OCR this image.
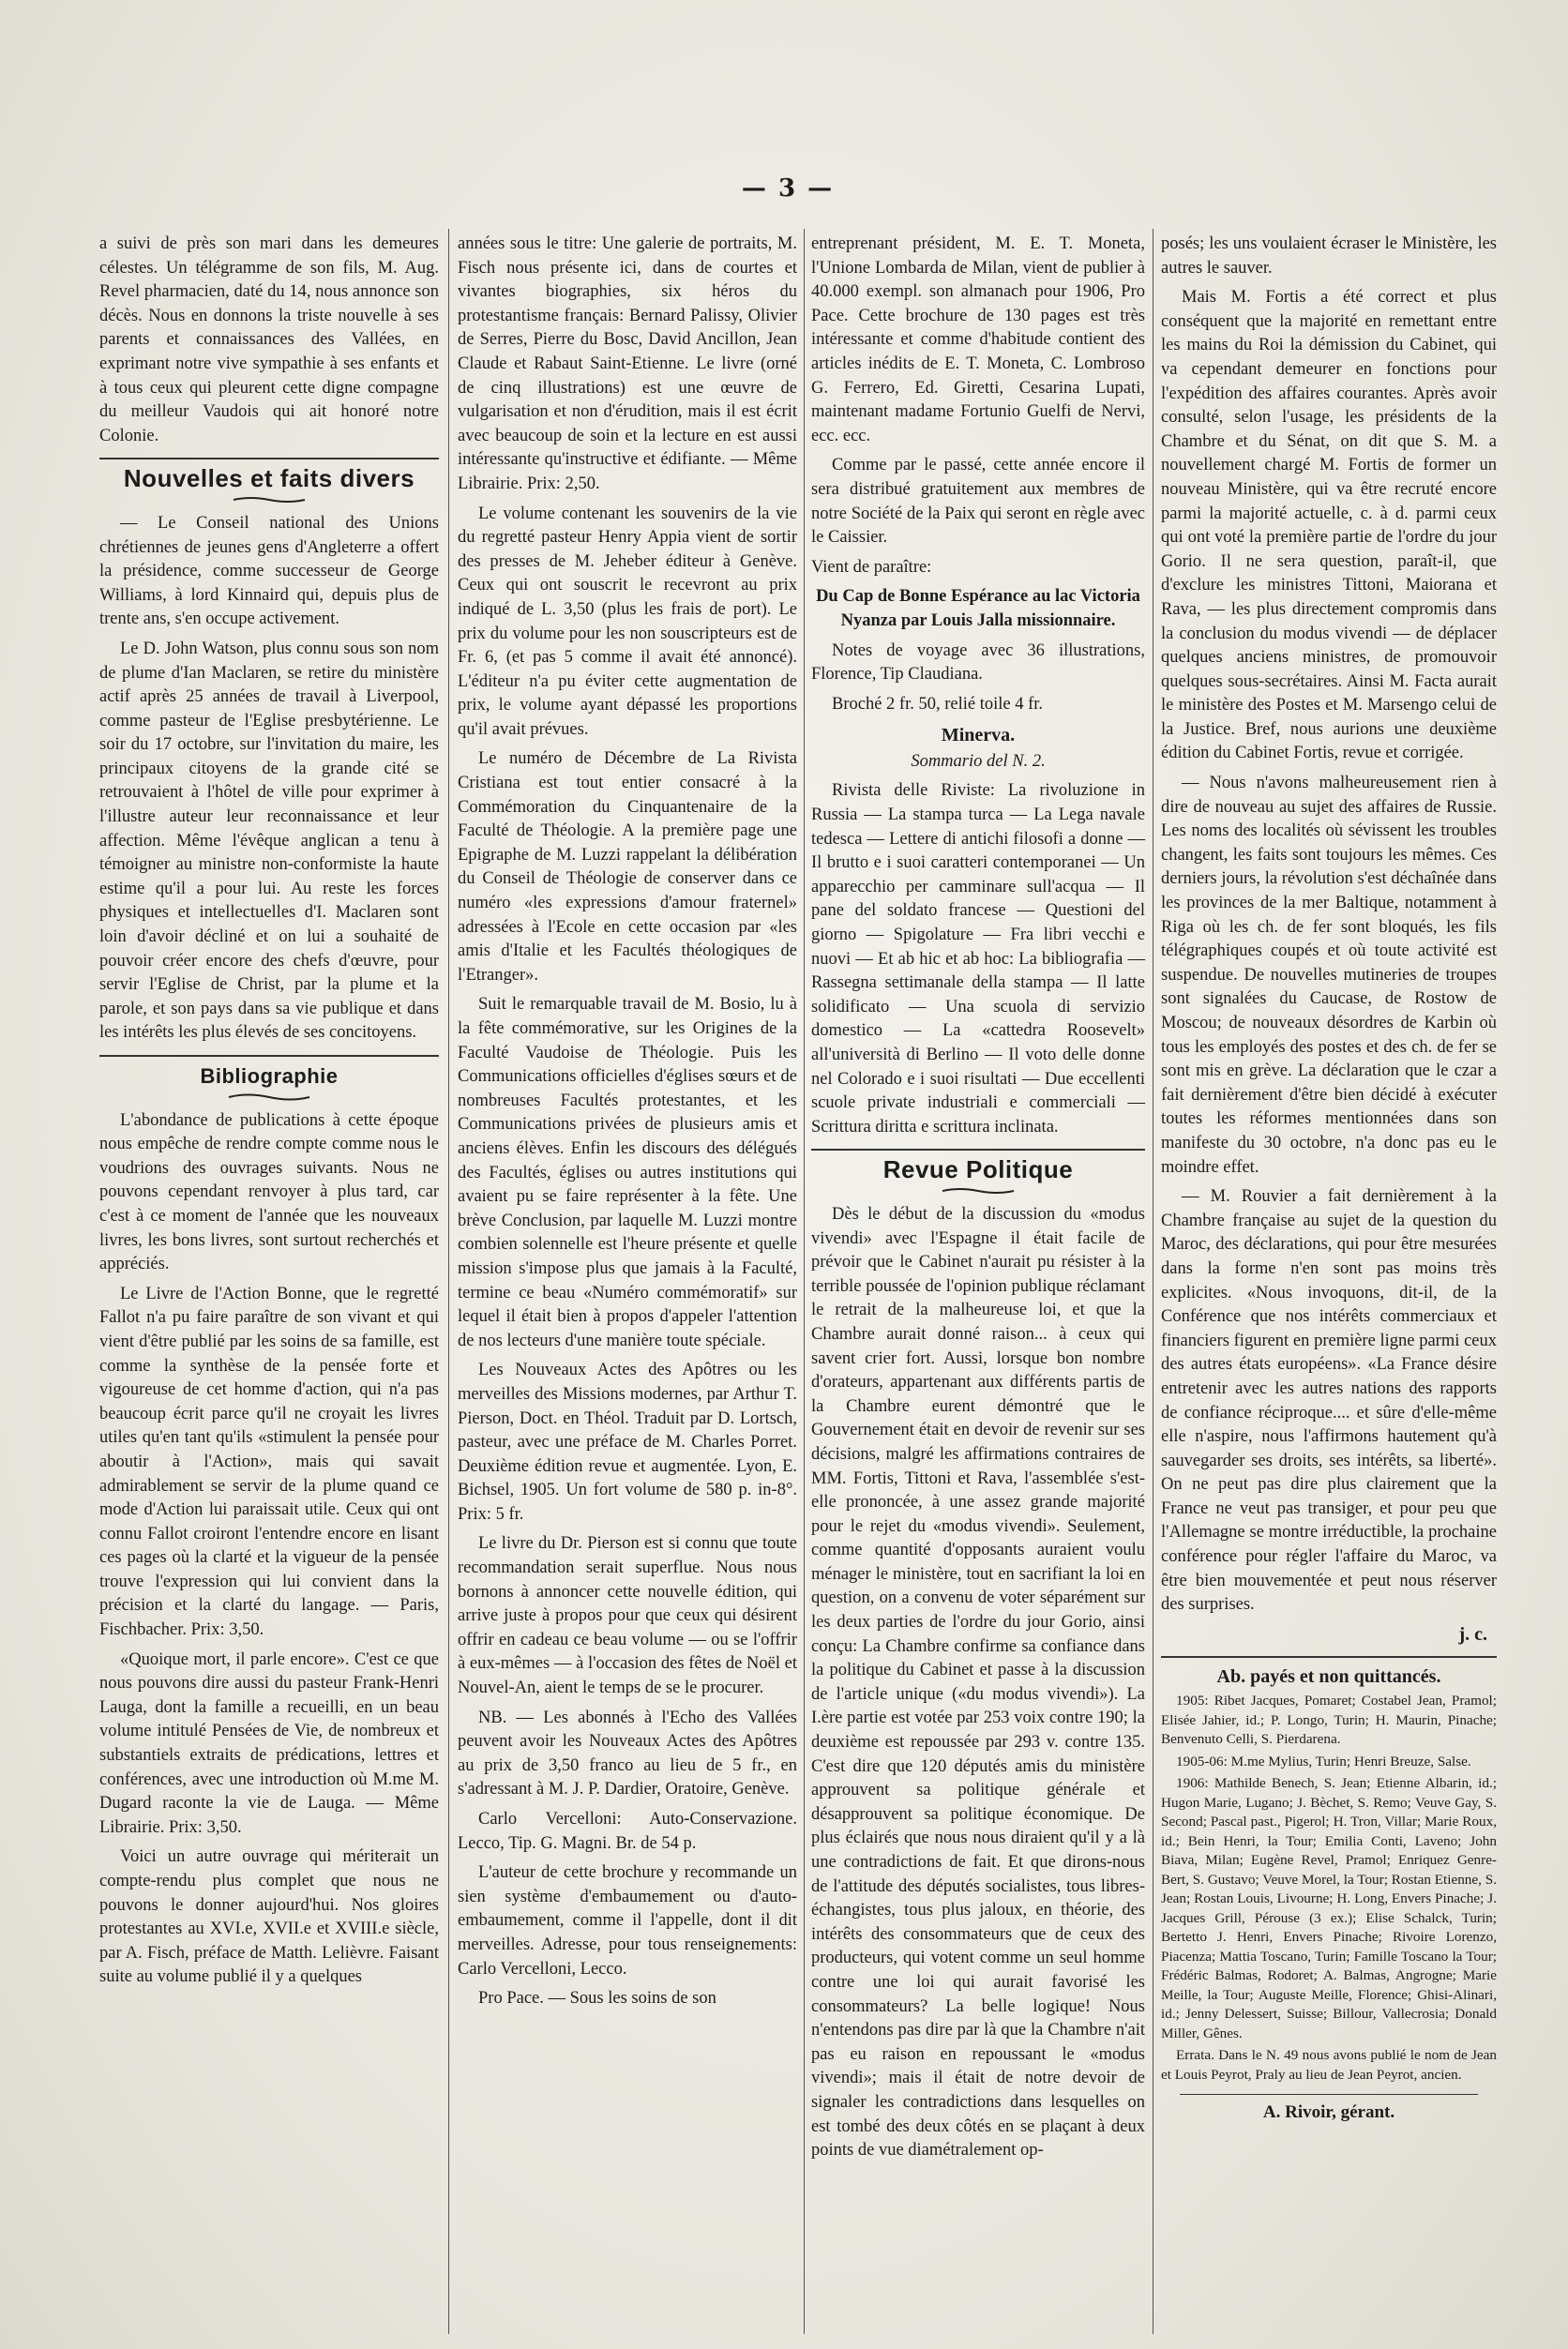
— 3 —

a suivi de près son mari dans les demeures célestes. Un télégramme de son fils, M. Aug. Revel pharmacien, daté du 14, nous annonce son décès. Nous en donnons la triste nouvelle à ses parents et connaissances des Vallées, en exprimant notre vive sympathie à ses enfants et à tous ceux qui pleurent cette digne compagne du meilleur Vaudois qui ait honoré notre Colonie.

Nouvelles et faits divers

— Le Conseil national des Unions chrétiennes de jeunes gens d'Angleterre a offert la présidence, comme successeur de George Williams, à lord Kinnaird qui, depuis plus de trente ans, s'en occupe activement.

Le D. John Watson, plus connu sous son nom de plume d'Ian Maclaren, se retire du ministère actif après 25 années de travail à Liverpool, comme pasteur de l'Eglise presbytérienne. Le soir du 17 octobre, sur l'invitation du maire, les principaux citoyens de la grande cité se retrouvaient à l'hôtel de ville pour exprimer à l'illustre auteur leur reconnaissance et leur affection. Même l'évêque anglican a tenu à témoigner au ministre non-conformiste la haute estime qu'il a pour lui. Au reste les forces physiques et intellectuelles d'I. Maclaren sont loin d'avoir décliné et on lui a souhaité de pouvoir créer encore des chefs d'œuvre, pour servir l'Eglise de Christ, par la plume et la parole, et son pays dans sa vie publique et dans les intérêts les plus élevés de ses concitoyens.

Bibliographie

L'abondance de publications à cette époque nous empêche de rendre compte comme nous le voudrions des ouvrages suivants. Nous ne pouvons cependant renvoyer à plus tard, car c'est à ce moment de l'année que les nouveaux livres, les bons livres, sont surtout recherchés et appréciés.

Le Livre de l'Action Bonne, que le regretté Fallot n'a pu faire paraître de son vivant et qui vient d'être publié par les soins de sa famille, est comme la synthèse de la pensée forte et vigoureuse de cet homme d'action, qui n'a pas beaucoup écrit parce qu'il ne croyait les livres utiles qu'en tant qu'ils «stimulent la pensée pour aboutir à l'Action», mais qui savait admirablement se servir de la plume quand ce mode d'Action lui paraissait utile. Ceux qui ont connu Fallot croiront l'entendre encore en lisant ces pages où la clarté et la vigueur de la pensée trouve l'expression qui lui convient dans la précision et la clarté du langage. — Paris, Fischbacher. Prix: 3,50.

«Quoique mort, il parle encore». C'est ce que nous pouvons dire aussi du pasteur Frank-Henri Lauga, dont la famille a recueilli, en un beau volume intitulé Pensées de Vie, de nombreux et substantiels extraits de prédications, lettres et conférences, avec une introduction où M.me M. Dugard raconte la vie de Lauga. — Même Librairie. Prix: 3,50.

Voici un autre ouvrage qui mériterait un compte-rendu plus complet que nous ne pouvons le donner aujourd'hui. Nos gloires protestantes au XVI.e, XVII.e et XVIII.e siècle, par A. Fisch, préface de Matth. Lelièvre. Faisant suite au volume publié il y a quelques

années sous le titre: Une galerie de portraits, M. Fisch nous présente ici, dans de courtes et vivantes biographies, six héros du protestantisme français: Bernard Palissy, Olivier de Serres, Pierre du Bosc, David Ancillon, Jean Claude et Rabaut Saint-Etienne. Le livre (orné de cinq illustrations) est une œuvre de vulgarisation et non d'érudition, mais il est écrit avec beaucoup de soin et la lecture en est aussi intéressante qu'instructive et édifiante. — Même Librairie. Prix: 2,50.

Le volume contenant les souvenirs de la vie du regretté pasteur Henry Appia vient de sortir des presses de M. Jeheber éditeur à Genève. Ceux qui ont souscrit le recevront au prix indiqué de L. 3,50 (plus les frais de port). Le prix du volume pour les non souscripteurs est de Fr. 6, (et pas 5 comme il avait été annoncé). L'éditeur n'a pu éviter cette augmentation de prix, le volume ayant dépassé les proportions qu'il avait prévues.

Le numéro de Décembre de La Rivista Cristiana est tout entier consacré à la Commémoration du Cinquantenaire de la Faculté de Théologie. A la première page une Epigraphe de M. Luzzi rappelant la délibération du Conseil de Théologie de conserver dans ce numéro «les expressions d'amour fraternel» adressées à l'Ecole en cette occasion par «les amis d'Italie et les Facultés théologiques de l'Etranger».

Suit le remarquable travail de M. Bosio, lu à la fête commémorative, sur les Origines de la Faculté Vaudoise de Théologie. Puis les Communications officielles d'églises sœurs et de nombreuses Facultés protestantes, et les Communications privées de plusieurs amis et anciens élèves. Enfin les discours des délégués des Facultés, églises ou autres institutions qui avaient pu se faire représenter à la fête. Une brève Conclusion, par laquelle M. Luzzi montre combien solennelle est l'heure présente et quelle mission s'impose plus que jamais à la Faculté, termine ce beau «Numéro commémoratif» sur lequel il était bien à propos d'appeler l'attention de nos lecteurs d'une manière toute spéciale.

Les Nouveaux Actes des Apôtres ou les merveilles des Missions modernes, par Arthur T. Pierson, Doct. en Théol. Traduit par D. Lortsch, pasteur, avec une préface de M. Charles Porret. Deuxième édition revue et augmentée. Lyon, E. Bichsel, 1905. Un fort volume de 580 p. in-8°. Prix: 5 fr.

Le livre du Dr. Pierson est si connu que toute recommandation serait superflue. Nous nous bornons à annoncer cette nouvelle édition, qui arrive juste à propos pour que ceux qui désirent offrir en cadeau ce beau volume — ou se l'offrir à eux-mêmes — à l'occasion des fêtes de Noël et Nouvel-An, aient le temps de se le procurer.

NB. — Les abonnés à l'Echo des Vallées peuvent avoir les Nouveaux Actes des Apôtres au prix de 3,50 franco au lieu de 5 fr., en s'adressant à M. J. P. Dardier, Oratoire, Genève.

Carlo Vercelloni: Auto-Conservazione. Lecco, Tip. G. Magni. Br. de 54 p.

L'auteur de cette brochure y recommande un sien système d'embaumement ou d'auto-embaumement, comme il l'appelle, dont il dit merveilles. Adresse, pour tous renseignements: Carlo Vercelloni, Lecco.

Pro Pace. — Sous les soins de son

entreprenant président, M. E. T. Moneta, l'Unione Lombarda de Milan, vient de publier à 40.000 exempl. son almanach pour 1906, Pro Pace. Cette brochure de 130 pages est très intéressante et comme d'habitude contient des articles inédits de E. T. Moneta, C. Lombroso G. Ferrero, Ed. Giretti, Cesarina Lupati, maintenant madame Fortunio Guelfi de Nervi, ecc. ecc.

Comme par le passé, cette année encore il sera distribué gratuitement aux membres de notre Société de la Paix qui seront en règle avec le Caissier.

Vient de paraître:

Du Cap de Bonne Espérance au lac Victoria Nyanza par Louis Jalla missionnaire.

Notes de voyage avec 36 illustrations, Florence, Tip Claudiana.

Broché 2 fr. 50, relié toile 4 fr.

Minerva.

Sommario del N. 2.

Rivista delle Riviste: La rivoluzione in Russia — La stampa turca — La Lega navale tedesca — Lettere di antichi filosofi a donne — Il brutto e i suoi caratteri contemporanei — Un apparecchio per camminare sull'acqua — Il pane del soldato francese — Questioni del giorno — Spigolature — Fra libri vecchi e nuovi — Et ab hic et ab hoc: La bibliografia — Rassegna settimanale della stampa — Il latte solidificato — Una scuola di servizio domestico — La «cattedra Roosevelt» all'università di Berlino — Il voto delle donne nel Colorado e i suoi risultati — Due eccellenti scuole private industriali e commerciali — Scrittura diritta e scrittura inclinata.

Revue Politique

Dès le début de la discussion du «modus vivendi» avec l'Espagne il était facile de prévoir que le Cabinet n'aurait pu résister à la terrible poussée de l'opinion publique réclamant le retrait de la malheureuse loi, et que la Chambre aurait donné raison... à ceux qui savent crier fort. Aussi, lorsque bon nombre d'orateurs, appartenant aux différents partis de la Chambre eurent démontré que le Gouvernement était en devoir de revenir sur ses décisions, malgré les affirmations contraires de MM. Fortis, Tittoni et Rava, l'assemblée s'est-elle prononcée, à une assez grande majorité pour le rejet du «modus vivendi». Seulement, comme quantité d'opposants auraient voulu ménager le ministère, tout en sacrifiant la loi en question, on a convenu de voter séparément sur les deux parties de l'ordre du jour Gorio, ainsi conçu: La Chambre confirme sa confiance dans la politique du Cabinet et passe à la discussion de l'article unique («du modus vivendi»). La I.ère partie est votée par 253 voix contre 190; la deuxième est repoussée par 293 v. contre 135. C'est dire que 120 députés amis du ministère approuvent sa politique générale et désapprouvent sa politique économique. De plus éclairés que nous nous diraient qu'il y a là une contradictions de fait. Et que dirons-nous de l'attitude des députés socialistes, tous libres-échangistes, tous plus jaloux, en théorie, des intérêts des consommateurs que de ceux des producteurs, qui votent comme un seul homme contre une loi qui aurait favorisé les consommateurs? La belle logique! Nous n'entendons pas dire par là que la Chambre n'ait pas eu raison en repoussant le «modus vivendi»; mais il était de notre devoir de signaler les contradictions dans lesquelles on est tombé des deux côtés en se plaçant à deux points de vue diamétralement op-

posés; les uns voulaient écraser le Ministère, les autres le sauver.

Mais M. Fortis a été correct et plus conséquent que la majorité en remettant entre les mains du Roi la démission du Cabinet, qui va cependant demeurer en fonctions pour l'expédition des affaires courantes. Après avoir consulté, selon l'usage, les présidents de la Chambre et du Sénat, on dit que S. M. a nouvellement chargé M. Fortis de former un nouveau Ministère, qui va être recruté encore parmi la majorité actuelle, c. à d. parmi ceux qui ont voté la première partie de l'ordre du jour Gorio. Il ne sera question, paraît-il, que d'exclure les ministres Tittoni, Maiorana et Rava, — les plus directement compromis dans la conclusion du modus vivendi — de déplacer quelques anciens ministres, de promouvoir quelques sous-secrétaires. Ainsi M. Facta aurait le ministère des Postes et M. Marsengo celui de la Justice. Bref, nous aurions une deuxième édition du Cabinet Fortis, revue et corrigée.

— Nous n'avons malheureusement rien à dire de nouveau au sujet des affaires de Russie. Les noms des localités où sévissent les troubles changent, les faits sont toujours les mêmes. Ces derniers jours, la révolution s'est déchaînée dans les provinces de la mer Baltique, notamment à Riga où les ch. de fer sont bloqués, les fils télégraphiques coupés et où toute activité est suspendue. De nouvelles mutineries de troupes sont signalées du Caucase, de Rostow de Moscou; de nouveaux désordres de Karbin où tous les employés des postes et des ch. de fer se sont mis en grève. La déclaration que le czar a fait dernièrement d'être bien décidé à exécuter toutes les réformes mentionnées dans son manifeste du 30 octobre, n'a donc pas eu le moindre effet.

— M. Rouvier a fait dernièrement à la Chambre française au sujet de la question du Maroc, des déclarations, qui pour être mesurées dans la forme n'en sont pas moins très explicites. «Nous invoquons, dit-il, de la Conférence que nos intérêts commerciaux et financiers figurent en première ligne parmi ceux des autres états européens». «La France désire entretenir avec les autres nations des rapports de confiance réciproque.... et sûre d'elle-même elle n'aspire, nous l'affirmons hautement qu'à sauvegarder ses droits, ses intérêts, sa liberté». On ne peut pas dire plus clairement que la France ne veut pas transiger, et pour peu que l'Allemagne se montre irréductible, la prochaine conférence pour régler l'affaire du Maroc, va être bien mouvementée et peut nous réserver des surprises.

j. c.
Ab. payés et non quittancés.

1905: Ribet Jacques, Pomaret; Costabel Jean, Pramol; Elisée Jahier, id.; P. Longo, Turin; H. Maurin, Pinache; Benvenuto Celli, S. Pierdarena.

1905-06: M.me Mylius, Turin; Henri Breuze, Salse.

1906: Mathilde Benech, S. Jean; Etienne Albarin, id.; Hugon Marie, Lugano; J. Bèchet, S. Remo; Veuve Gay, S. Second; Pascal past., Pigerol; H. Tron, Villar; Marie Roux, id.; Bein Henri, la Tour; Emilia Conti, Laveno; John Biava, Milan; Eugène Revel, Pramol; Enriquez Genre-Bert, S. Gustavo; Veuve Morel, la Tour; Rostan Etienne, S. Jean; Rostan Louis, Livourne; H. Long, Envers Pinache; J. Jacques Grill, Pérouse (3 ex.); Elise Schalck, Turin; Bertetto J. Henri, Envers Pinache; Rivoire Lorenzo, Piacenza; Mattia Toscano, Turin; Famille Toscano la Tour; Frédéric Balmas, Rodoret; A. Balmas, Angrogne; Marie Meille, la Tour; Auguste Meille, Florence; Ghisi-Alinari, id.; Jenny Delessert, Suisse; Billour, Vallecrosia; Donald Miller, Gênes.

Errata. Dans le N. 49 nous avons publié le nom de Jean et Louis Peyrot, Praly au lieu de Jean Peyrot, ancien.

A. Rivoir, gérant.
